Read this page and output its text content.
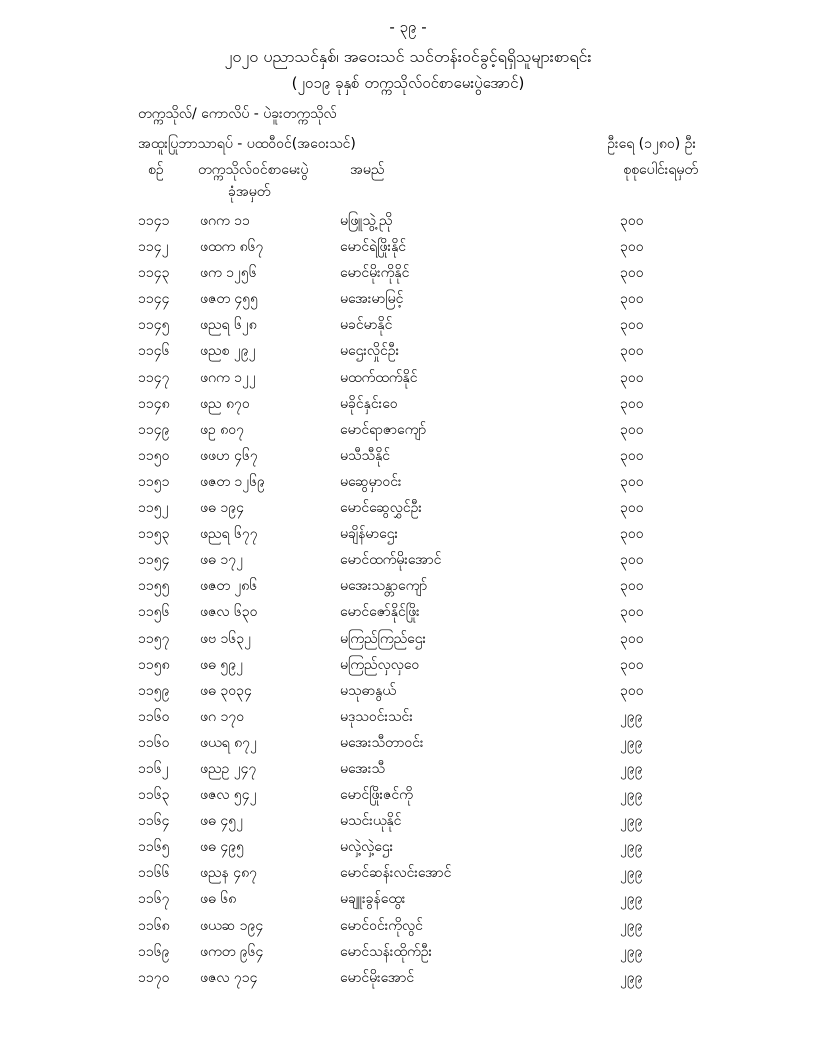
- ၃၉ -
၂၀၂၀ ပညာသင်နှစ်၊ အဝေးသင် သင်တန်းဝင်ခွင့်ရရှိသူများစာရင်း
(၂၀၁၉ ခုနှစ် တက္ကသိုလ်ဝင်စာမေးပွဲအောင်)
တက္ကသိုလ်/ ကောလိပ် - ပဲခူးတက္ကသိုလ်
အထူးပြုဘာသာရပ် - ပထဝီဝင်(အဝေးသင်)	ဦးရေ (၁၂၈၀) ဦး
စဉ် တက္ကသိုလ်ဝင်စာမေးပွဲ
ခုံအမှတ်
အမည်	စုစုပေါင်းရမှတ်
၁၁၄၁ ဖဂက ၁၁	မဖြူသွဲ့ညို	၃၀၀
၁၁၄၂ ဖထက ၈၆၇	မောင်ရဲဖြိုးနိုင်	၃၀၀
၁၁၄၃ ဖက ၁၂၅၆	မောင်မိုးကိုနိုင်	၃၀၀
၁၁၄၄ ဖဇတ ၄၅၅	မအေးမာမြင့်	၃၀၀
၁၁၄၅ ဖညရ ၆၂၈	မခင်မာနိုင်	၃၀၀
၁၁၄၆ ဖညစ ၂၉၂	မဌေးလှိုင်ဦး	၃၀၀
၁၁၄၇ ဖဂက ၁၂၂	မထက်ထက်နိုင်	၃၀၀
၁၁၄၈ ဖည ၈၇၀	မခိုင်နှင်းဝေ	၃၀၀
၁၁၄၉ ဖဥ ၈၀၇	မောင်ရာဇာကျော်	၃၀၀
၁၁၅၀ ဖဖဟ ၄၆၇	မသီသီနိုင်	၃၀၀
၁၁၅၁ ဖဇတ ၁၂၆၉	မဆွေမှာဝင်း	၃၀၀
၁၁၅၂ ဖဓ ၁၉၄	မောင်ဆွေလွှင်ဦး	၃၀၀
၁၁၅၃ ဖညရ ၆၇၇	မချိန်မာဌေး	၃၀၀
၁၁၅၄ ဖဓ ၁၇၂	မောင်ထက်မိုးအောင်	၃၀၀
၁၁၅၅ ဖဇတ ၂၈၆	မအေးသန္တာကျော်	၃၀၀
၁၁၅၆ ဖဇလ ၆၃၀	မောင်ဇော်နိုင်ဖြိုး	၃၀၀
၁၁၅၇ ဖဗ ၁၆၃၂	မကြည်ကြည်ဌေး	၃၀၀
၁၁၅၈ ဖဓ ၅၉၂	မကြည်လှလှဝေ	၃၀၀
၁၁၅၉ ဖဓ ၃၀၃၄	မသုဓာနွယ်	၃၀၀
၁၁၆၀ ဖဂ ၁၇၀	မဒုသဝင်းသင်း	၂၉၉
၁၁၆၀ ဖယရ ၈၇၂	မအေးသီတာဝင်း	၂၉၉
၁၁၆၂ ဖညဥ ၂၄၇	မအေးသီ	၂၉၉
၁၁၆၃ ဖဇလ ၅၄၂	မောင်ဖြိုးဇင်ကို	၂၉၉
၁၁၆၄ ဖဓ ၄၅၂	မသင်းယုနိုင်	၂၉၉
၁၁၆၅ ဖဓ ၄၉၅	မလှဲ့လှဲ့ဌေး	၂၉၉
၁၁၆၆ ဖညန ၄၈၇	မောင်ဆန်းလင်းအောင်	၂၉၉
၁၁၆၇ ဖဓ ၆၈	မချူးခွန်ထွေး	၂၉၉
၁၁၆၈ ဖယဆ ၁၉၄	မောင်ဝင်းကိုလွင်	၂၉၉
၁၁၆၉ ဖကတ ၉၆၄	မောင်သန်းထိုက်ဦး	၂၉၉
၁၁၇၀ ဖဇလ ၇၁၄	မောင်မိုးအောင်	၂၉၉
